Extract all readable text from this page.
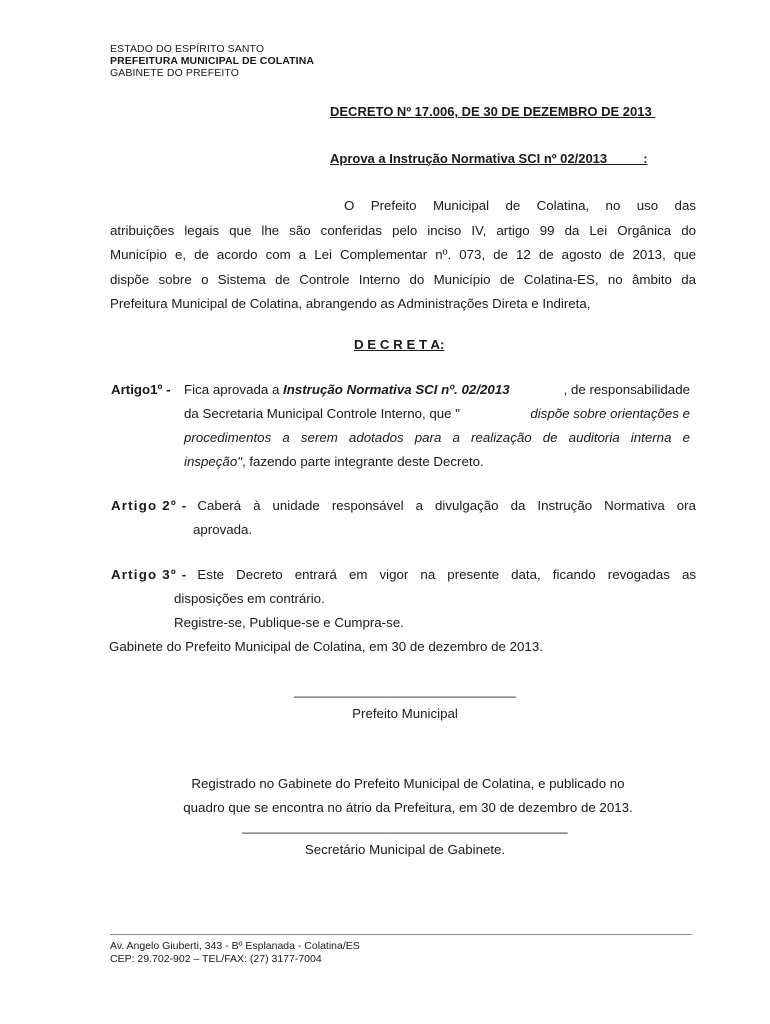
ESTADO DO ESPÍRITO SANTO
PREFEITURA MUNICIPAL DE COLATINA
GABINETE DO PREFEITO
DECRETO Nº 17.006, DE 30 DE DEZEMBRO DE 2013
Aprova a Instrução Normativa SCI nº 02/2013          :
O Prefeito Municipal de Colatina, no uso das
atribuições legais que lhe são conferidas pelo inciso IV, artigo 99 da Lei Orgânica do
Município e, de acordo com a Lei Complementar nº. 073, de 12 de agosto de 2013, que
dispõe sobre o Sistema de Controle Interno do Município de Colatina-ES, no âmbito da
Prefeitura Municipal de Colatina, abrangendo as Administrações Direta e Indireta,
D E C R E T A:
Artigo1º - Fica aprovada a Instrução Normativa SCI nº. 02/2013	, de responsabilidade
da Secretaria Municipal Controle Interno, que "	dispõe sobre orientações e
procedimentos a serem adotados para a realização de auditoria interna e
inspeção", fazendo parte integrante deste Decreto.
Artigo 2º - Caberá à unidade responsável a divulgação da Instrução Normativa ora
aprovada.
Artigo 3º - Este Decreto entrará em vigor na presente data, ficando revogadas as
disposições em contrário.
Registre-se, Publique-se e Cumpra-se.
Gabinete do Prefeito Municipal de Colatina, em 30 de dezembro de 2013.
______________________________
Prefeito Municipal
Registrado no Gabinete do Prefeito Municipal de Colatina, e publicado no
quadro que se encontra no átrio da Prefeitura, em 30 de dezembro de 2013.
____________________________________________
Secretário Municipal de Gabinete.
Av. Angelo Giuberti, 343 - Bº Esplanada - Colatina/ES
CEP: 29.702-902 – TEL/FAX: (27) 3177-7004
